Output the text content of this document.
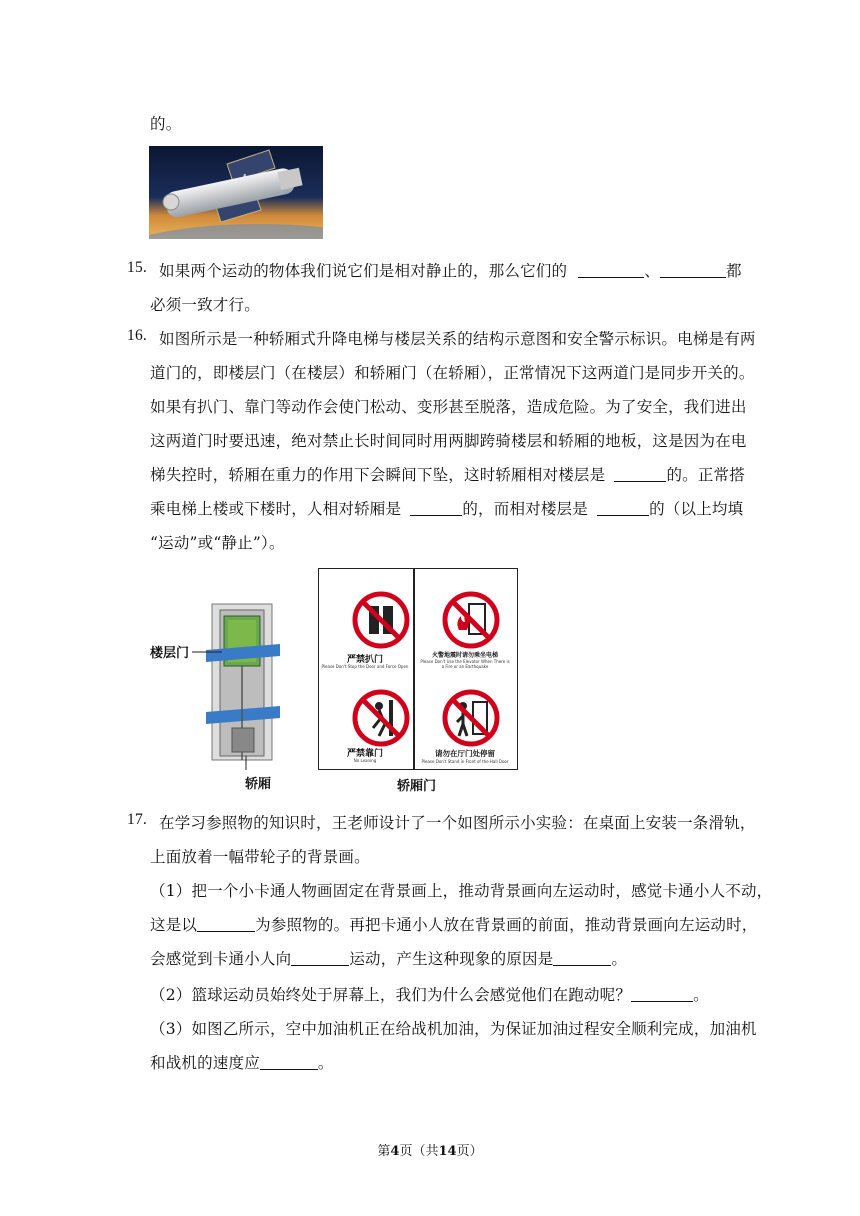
的。
15. 如果两个运动的物体我们说它们是相对静止的，那么它们的	、	都
必须一致才行。
16. 如图所示是一种轿厢式升降电梯与楼层关系的结构示意图和安全警示标识。电梯是有两
道门的，即楼层门（在楼层）和轿厢门（在轿厢），正常情况下这两道门是同步开关的。
如果有扒门、靠门等动作会使门松动、变形甚至脱落，造成危险。为了安全，我们进出
这两道门时要迅速，绝对禁止长时间同时用两脚跨骑楼层和轿厢的地板，这是因为在电
梯失控时，轿厢在重力的作用下会瞬间下坠，这时轿厢相对楼层是	的。正常搭
乘电梯上楼或下楼时，人相对轿厢是	的，而相对楼层是	的（以上均填
“运动”或“静止”）。
楼层门
轿厢
严禁扒门
Please Don't Stop the Door and Force Open
火警地震时请勿乘坐电梯
Please Don't Use the Elevator When There is a Fire or an Earthquake
严禁靠门
No Leaning
请勿在厅门处停留
Please Don't Stand in Front of the Hall Door
轿厢门
17. 在学习参照物的知识时，王老师设计了一个如图所示小实验：在桌面上安装一条滑轨，
上面放着一幅带轮子的背景画。
（1）把一个小卡通人物画固定在背景画上，推动背景画向左运动时，感觉卡通小人不动，
这是以	为参照物的。再把卡通小人放在背景画的前面，推动背景画向左运动时，
会感觉到卡通小人向	运动，产生这种现象的原因是	。
（2）篮球运动员始终处于屏幕上，我们为什么会感觉他们在跑动呢？	。
（3）如图乙所示，空中加油机正在给战机加油，为保证加油过程安全顺利完成，加油机
和战机的速度应	。
第4页（共14页）
